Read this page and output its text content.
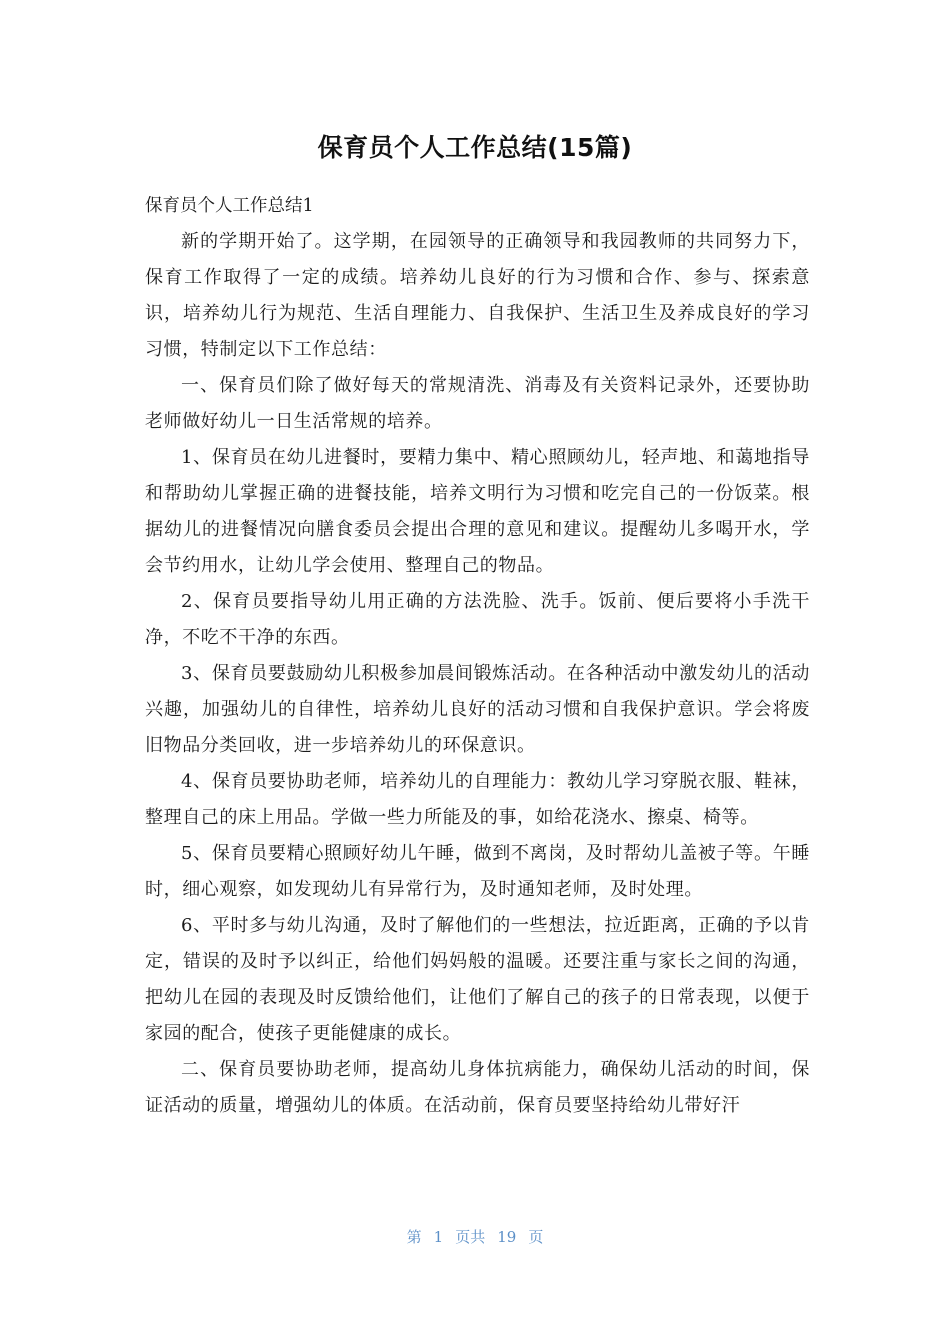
保育员个人工作总结(15篇)

保育员个人工作总结1

新的学期开始了。这学期，在园领导的正确领导和我园教师的共同努力下，保育工作取得了一定的成绩。培养幼儿良好的行为习惯和合作、参与、探索意识，培养幼儿行为规范、生活自理能力、自我保护、生活卫生及养成良好的学习习惯，特制定以下工作总结：

一、保育员们除了做好每天的常规清洗、消毒及有关资料记录外，还要协助老师做好幼儿一日生活常规的培养。

1、保育员在幼儿进餐时，要精力集中、精心照顾幼儿，轻声地、和蔼地指导和帮助幼儿掌握正确的进餐技能，培养文明行为习惯和吃完自己的一份饭菜。根据幼儿的进餐情况向膳食委员会提出合理的意见和建议。提醒幼儿多喝开水，学会节约用水，让幼儿学会使用、整理自己的物品。

2、保育员要指导幼儿用正确的方法洗脸、洗手。饭前、便后要将小手洗干净，不吃不干净的东西。

3、保育员要鼓励幼儿积极参加晨间锻炼活动。在各种活动中激发幼儿的活动兴趣，加强幼儿的自律性，培养幼儿良好的活动习惯和自我保护意识。学会将废旧物品分类回收，进一步培养幼儿的环保意识。

4、保育员要协助老师，培养幼儿的自理能力：教幼儿学习穿脱衣服、鞋袜，整理自己的床上用品。学做一些力所能及的事，如给花浇水、擦桌、椅等。

5、保育员要精心照顾好幼儿午睡，做到不离岗，及时帮幼儿盖被子等。午睡时，细心观察，如发现幼儿有异常行为，及时通知老师，及时处理。

6、平时多与幼儿沟通，及时了解他们的一些想法，拉近距离，正确的予以肯定，错误的及时予以纠正，给他们妈妈般的温暖。还要注重与家长之间的沟通，把幼儿在园的表现及时反馈给他们，让他们了解自己的孩子的日常表现，以便于家园的配合，使孩子更能健康的成长。

二、保育员要协助老师，提高幼儿身体抗病能力，确保幼儿活动的时间，保证活动的质量，增强幼儿的体质。在活动前，保育员要坚持给幼儿带好汗

第 1 页共 19 页
